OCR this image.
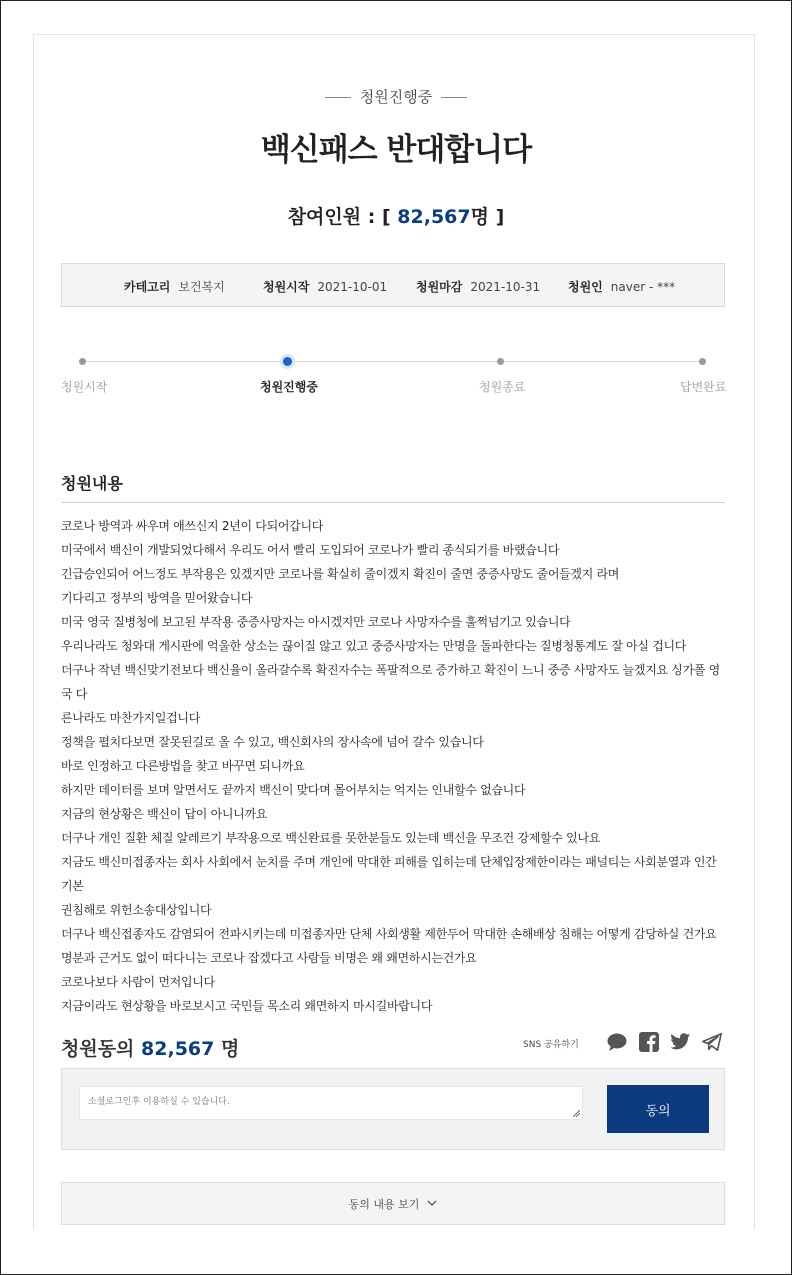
청원진행중
백신패스 반대합니다
참여인원 : [ 82,567명 ]
카테고리 보건복지	청원시작 2021-10-01 청원마감 2021-10-31 청원인 naver - ***
청원시작	청원진행중	청원종료	답변완료
청원내용

코로나 방역과 싸우며 애쓰신지 2년이 다되어갑니다

미국에서 백신이 개발되었다해서 우리도 어서 빨리 도입되어 코로나가 빨리 종식되기를 바랬습니다

긴급승인되어 어느정도 부작용은 있겠지만 코로나를 확실히 줄이겠지 확진이 줄면 중증사망도 줄어들겠지 라며

기다리고 정부의 방역을 믿어왔습니다

미국 영국 질병청에 보고된 부작용 중증사망자는 아시겠지만 코로나 사망자수를 훌쩍넘기고 있습니다

우리나라도 청와대 게시판에 억울한 상소는 끊이질 않고 있고 중증사망자는 만명을 돌파한다는 질병청통계도 잘 아실 겁니다

더구나 작년 백신맞기전보다 백신율이 올라갈수록 확진자수는 폭팔적으로 증가하고 확진이 느니 중증 사망자도 늘겠지요 싱가폴 영국 다

른나라도 마찬가지일겁니다

정책을 펼치다보면 잘못된길로 올 수 있고, 백신회사의 장사속에 넘어 갈수 있습니다

바로 인정하고 다른방법을 찾고 바꾸면 되니까요

하지만 데이터를 보며 알면서도 끝까지 백신이 맞다며 몰어부치는 억지는 인내할수 없습니다

지금의 현상황은 백신이 답이 아니니까요

더구나 개인 질환 체질 알레르기 부작용으로 백신완료를 못한분들도 있는데 백신을 무조건 강제할수 있나요

지금도 백신미접종자는 회사 사회에서 눈치를 주며 개인에 막대한 피해를 입히는데 단체입장제한이라는 패널티는 사회분열과 인간 기본

권침해로 위헌소송대상입니다

더구나 백신접종자도 감염되어 전파시키는데 미접종자만 단체 사회생활 제한두어 막대한 손해배상 침해는 어떻게 감당하실 건가요

명분과 근거도 없이 떠다니는 코로나 잡겠다고 사람들 비명은 왜 왜면하시는건가요

코로나보다 사람이 먼저입니다

지금이라도 현상황을 바로보시고 국민들 목소리 왜면하지 마시길바랍니다

청원동의 82,567 명	SNS 공유하기
소셜로그인후 이용하실 수 있습니다.
동의
동의 내용 보기
